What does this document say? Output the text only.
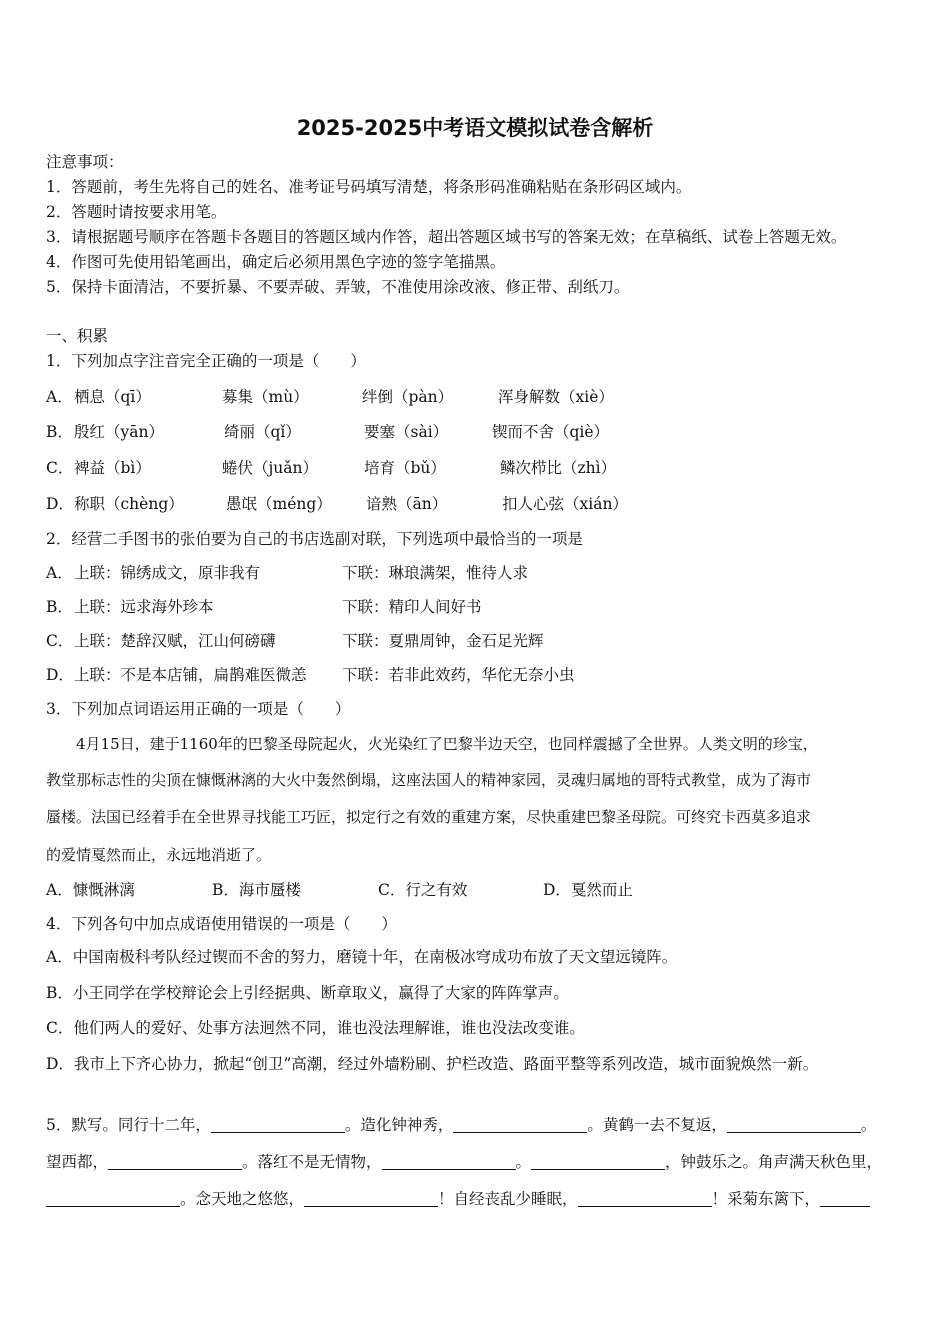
2025-2025中考语文模拟试卷含解析
注意事项：
1．答题前，考生先将自己的姓名、准考证号码填写清楚，将条形码准确粘贴在条形码区域内。
2．答题时请按要求用笔。
3．请根据题号顺序在答题卡各题目的答题区域内作答，超出答题区域书写的答案无效；在草稿纸、试卷上答题无效。
4．作图可先使用铅笔画出，确定后必须用黑色字迹的签字笔描黑。
5．保持卡面清洁，不要折暴、不要弄破、弄皱，不准使用涂改液、修正带、刮纸刀。
一、积累
1．下列加点字注音完全正确的一项是（　　）
A． 栖息（qī）	募集（mù）	绊倒（pàn）	浑身解数（xiè）
B． 殷红（yān）	绮丽（qǐ）	要塞（sài）	锲而不舍（qiè）
C． 裨益（bì）	蜷伏（juǎn）	培育（bǔ）	鳞次栉比（zhì）
D． 称职（chèng）	愚氓（méng） 谙熟（ān）	扣人心弦（xián）
2．经营二手图书的张伯要为自己的书店选副对联，下列选项中最恰当的一项是
A． 上联：锦绣成文，原非我有	下联：琳琅满架，惟待人求
B． 上联：远求海外珍本	下联：精印人间好书
C． 上联：楚辞汉赋，江山何磅礴	下联：夏鼎周钟，金石足光辉
D． 上联：不是本店铺，扁鹊难医微恙 下联：若非此效药，华佗无奈小虫
3．下列加点词语运用正确的一项是（　　）
4月15日，建于1160年的巴黎圣母院起火，火光染红了巴黎半边天空，也同样震撼了全世界。人类文明的珍宝，
教堂那标志性的尖顶在慷慨淋漓的大火中轰然倒塌，这座法国人的精神家园，灵魂归属地的哥特式教堂，成为了海市
蜃楼。法国已经着手在全世界寻找能工巧匠，拟定行之有效的重建方案，尽快重建巴黎圣母院。可终究卡西莫多追求
的爱情戛然而止，永远地消逝了。
A．慷慨淋漓	B．海市蜃楼	C．行之有效	D．戛然而止
4．下列各句中加点成语使用错误的一项是（　　）
A．中国南极科考队经过锲而不舍的努力，磨镜十年，在南极冰穹成功布放了天文望远镜阵。
B．小王同学在学校辩论会上引经据典、断章取义，赢得了大家的阵阵掌声。
C．他们两人的爱好、处事方法迥然不同，谁也没法理解谁，谁也没法改变谁。
D．我市上下齐心协力，掀起“创卫”高潮，经过外墙粉刷、护栏改造、路面平整等系列改造，城市面貌焕然一新。
5．默写。同行十二年，	。造化钟神秀，	。黄鹤一去不复返，	。
望西都，	。落红不是无情物，	。	，钟鼓乐之。角声满天秋色里，
。念天地之悠悠，	！自经丧乱少睡眠，	！采菊东篱下，
